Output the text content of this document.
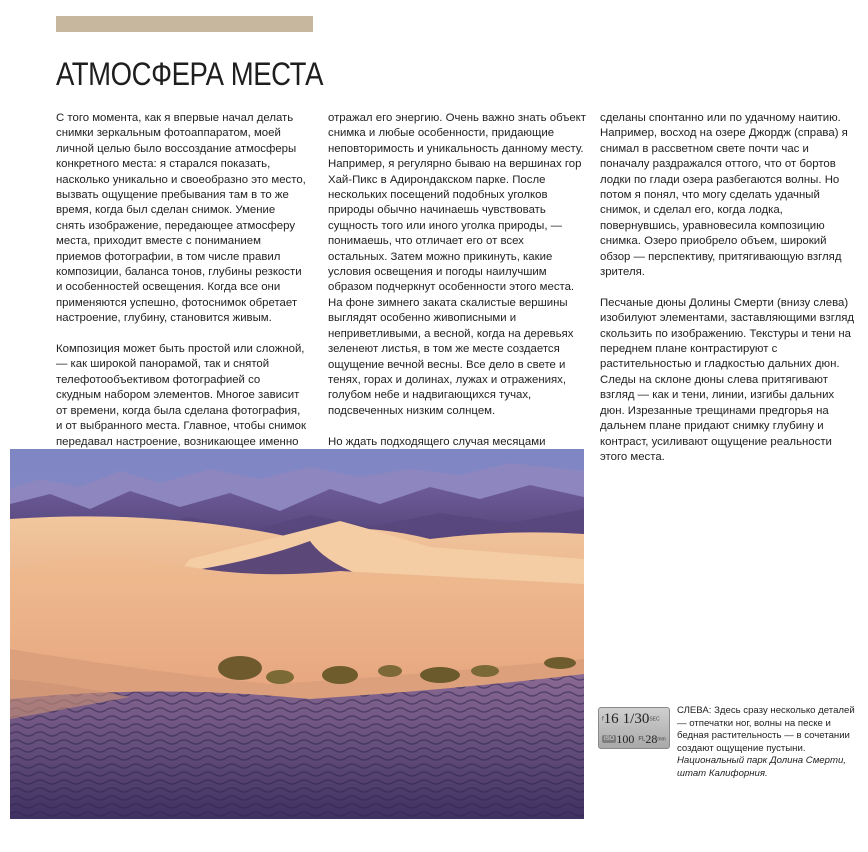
АТМОСФЕРА МЕСТА

С того момента, как я впервые начал делать снимки зеркальным фотоаппаратом, моей личной целью было воссоздание атмосферы конкретного места: я старался показать, насколько уникально и своеобразно это место, вызвать ощущение пребывания там в то же время, когда был сделан снимок. Умение снять изображение, передающее атмосферу места, приходит вместе с пониманием приемов фотографии, в том числе правил композиции, баланса тонов, глубины резкости и особенностей освещения. Когда все они применяются успешно, фотоснимок обретает настроение, глубину, становится живым.

Композиция может быть простой или сложной, — как широкой панорамой, так и снятой телефотообъективом фотографией со скудным набором элементов. Многое зависит от времени, когда была сделана фотография, и от выбранного места. Главное, чтобы снимок передавал настроение, возникающее именно

отражал его энергию. Очень важно знать объект снимка и любые особенности, придающие неповторимость и уникальность данному месту. Например, я регулярно бываю на вершинах гор Хай-Пикс в Адирондакском парке. После нескольких посещений подобных уголков природы обычно начинаешь чувствовать сущность того или иного уголка природы, — понимаешь, что отличает его от всех остальных. Затем можно прикинуть, какие условия освещения и погоды наилучшим образом подчеркнут особенности этого места. На фоне зимнего заката скалистые вершины выглядят особенно живописными и неприветливыми, а весной, когда на деревьях зеленеют листья, в том же месте создается ощущение вечной весны. Все дело в свете и тенях, горах и долинах, лужах и отражениях, голубом небе и надвигающихся тучах, подсвеченных низким солнцем.

Но ждать подходящего случая месяцами

сделаны спонтанно или по удачному наитию. Например, восход на озере Джордж (справа) я снимал в рассветном свете почти час и поначалу раздражался оттого, что от бортов лодки по глади озера разбегаются волны. Но потом я понял, что могу сделать удачный снимок, и сделал его, когда лодка, повернувшись, уравновесила композицию снимка. Озеро приобрело объем, широкий обзор — перспективу, притягивающую взгляд зрителя.

Песчаные дюны Долины Смерти (внизу слева) изобилуют элементами, заставляющими взгляд скользить по изображению. Текстуры и тени на переднем плане контрастируют с растительностью и гладкостью дальних дюн. Следы на склоне дюны слева притягивают взгляд — как и тени, линии, изгибы дальних дюн. Изрезанные трещинами предгорья на дальнем плане придают снимку глубину и контраст, усиливают ощущение реальности этого места.

f16 1/30SEC
ISO 100 FL28mm
СЛЕВА: Здесь сразу несколько деталей — отпечатки ног, волны на песке и бедная растительность — в сочетании создают ощущение пустыни. Национальный парк Долина Смерти, штат Калифорния.
